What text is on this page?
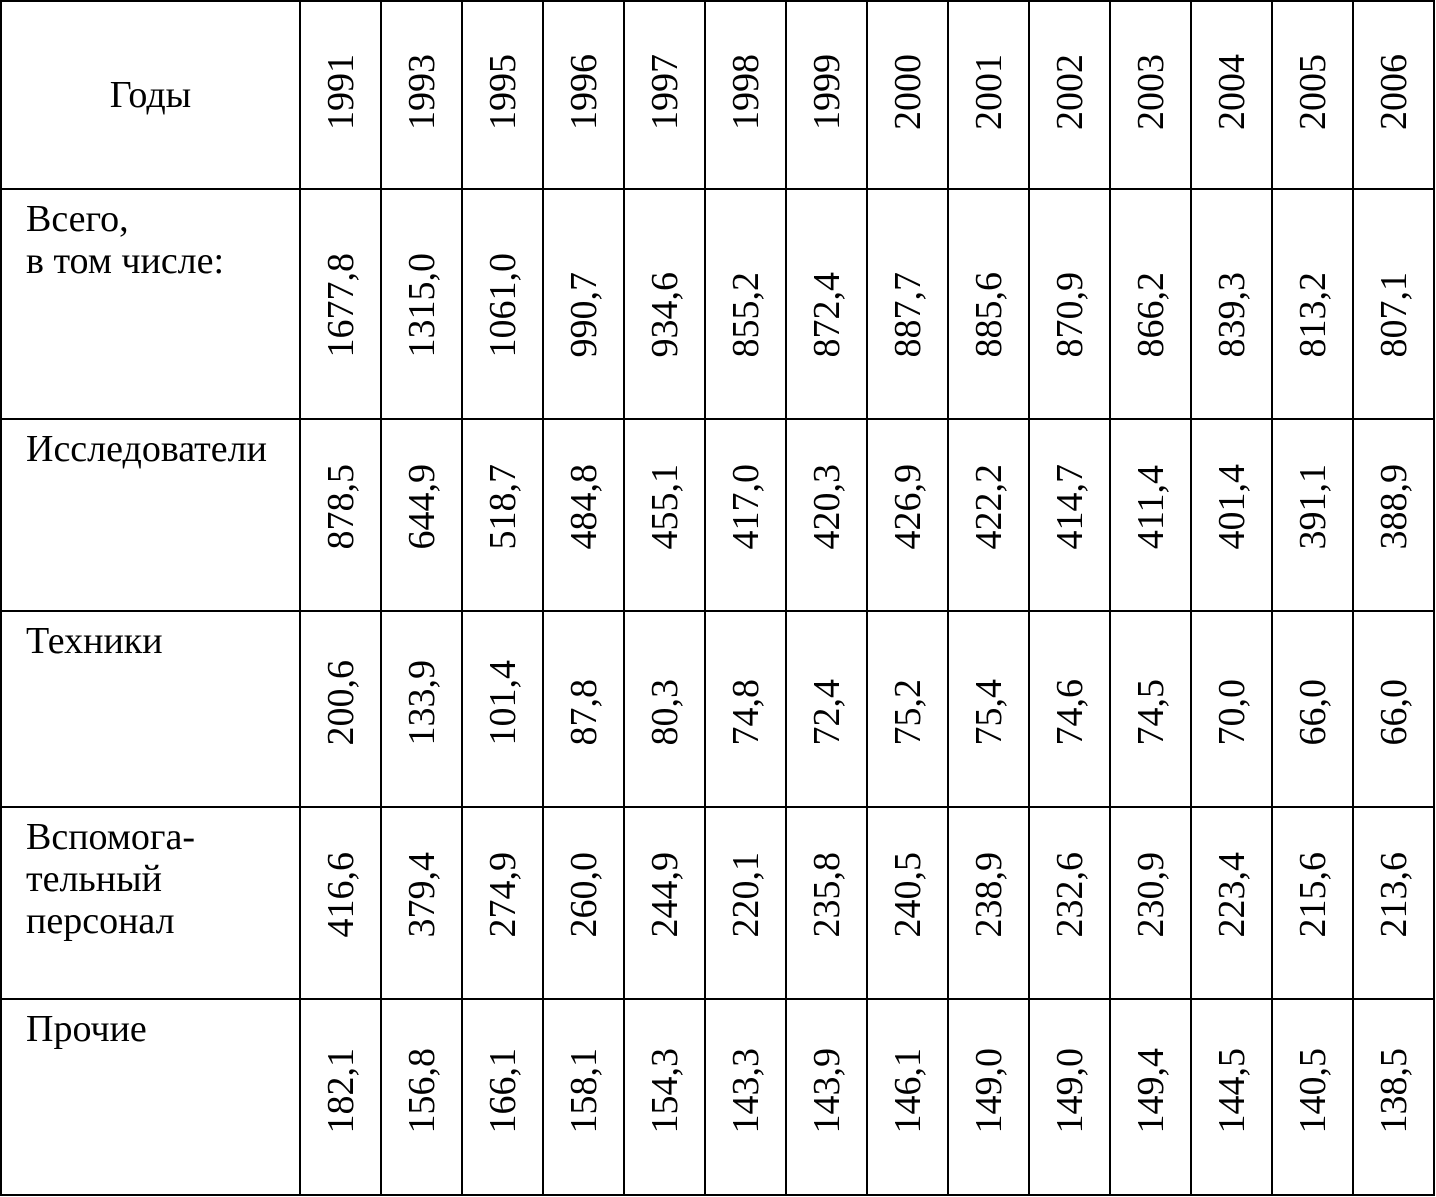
Годы	1991	1993	1995	1996	1997	1998	1999	2000	2001	2002	2003	2004	2005	2006

Всего,
в том числе:	1677,8	1315,0	1061,0	990,7	934,6	855,2	872,4	887,7	885,6	870,9	866,2	839,3	813,2	807,1

Исследователи	878,5	644,9	518,7	484,8	455,1	417,0	420,3	426,9	422,2	414,7	411,4	401,4	391,1	388,9

Техники	200,6	133,9	101,4	87,8	80,3	74,8	72,4	75,2	75,4	74,6	74,5	70,0	66,0	66,0

Вспомога-
тельный
персонал	416,6	379,4	274,9	260,0	244,9	220,1	235,8	240,5	238,9	232,6	230,9	223,4	215,6	213,6

Прочие	182,1	156,8	166,1	158,1	154,3	143,3	143,9	146,1	149,0	149,0	149,4	144,5	140,5	138,5
